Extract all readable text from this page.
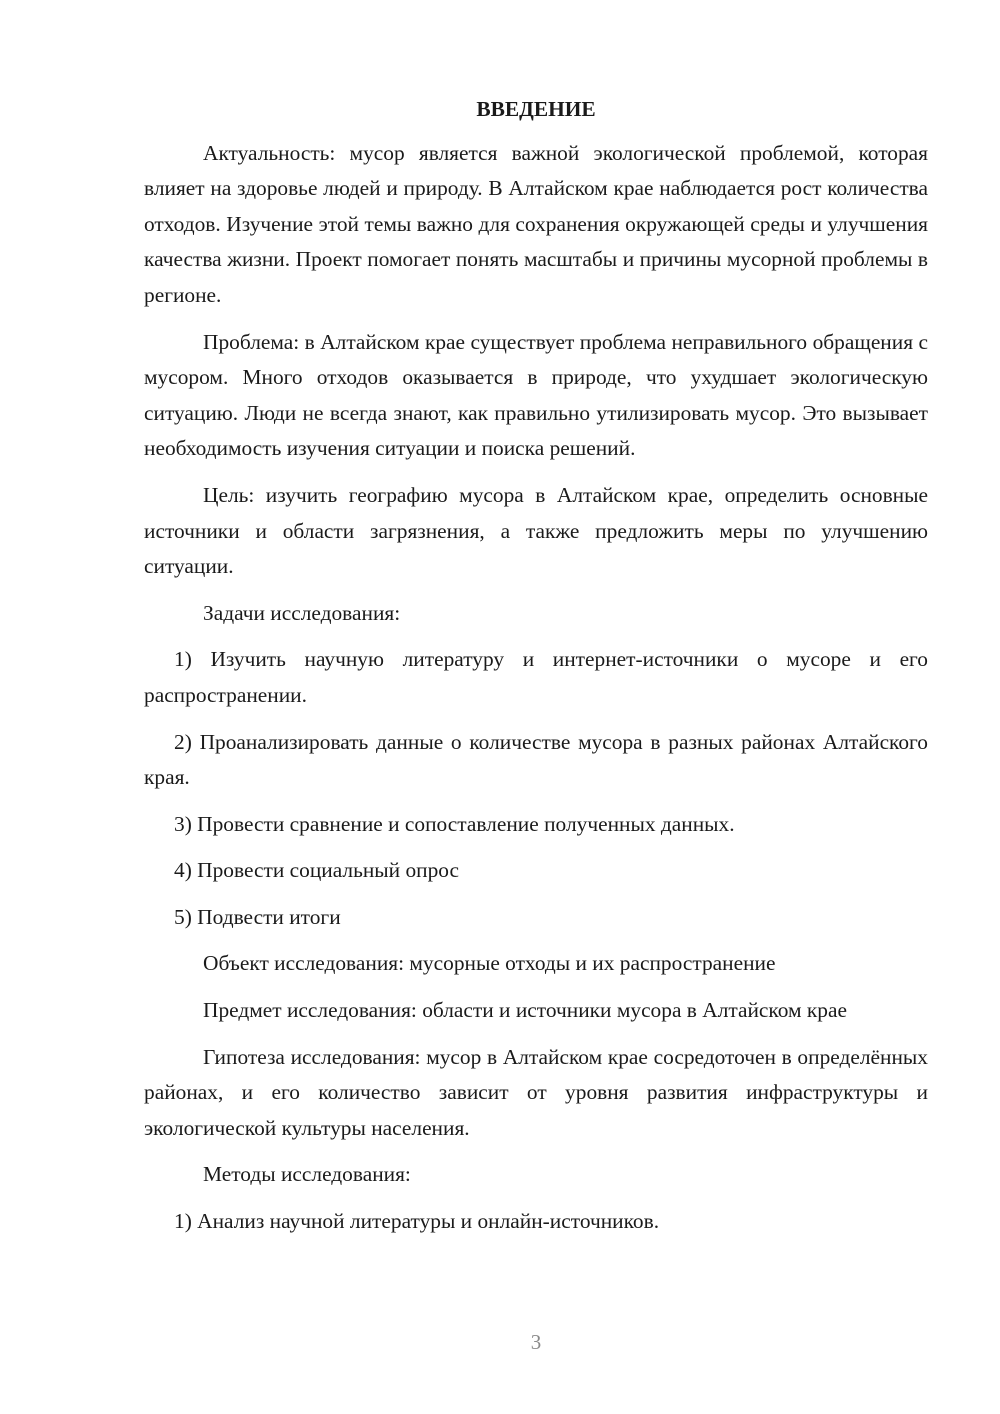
ВВЕДЕНИЕ

Актуальность: мусор является важной экологической проблемой, которая влияет на здоровье людей и природу. В Алтайском крае наблюдается рост количества отходов. Изучение этой темы важно для сохранения окружающей среды и улучшения качества жизни. Проект помогает понять масштабы и причины мусорной проблемы в регионе.

Проблема: в Алтайском крае существует проблема неправильного обращения с мусором. Много отходов оказывается в природе, что ухудшает экологическую ситуацию. Люди не всегда знают, как правильно утилизировать мусор. Это вызывает необходимость изучения ситуации и поиска решений.

Цель: изучить географию мусора в Алтайском крае, определить основные источники и области загрязнения, а также предложить меры по улучшению ситуации.

Задачи исследования:

1) Изучить научную литературу и интернет-источники о мусоре и его распространении.

2) Проанализировать данные о количестве мусора в разных районах Алтайского края.

3) Провести сравнение и сопоставление полученных данных.

4) Провести социальный опрос

5) Подвести итоги

Объект исследования: мусорные отходы и их распространение

Предмет исследования: области и источники мусора в Алтайском крае

Гипотеза исследования: мусор в Алтайском крае сосредоточен в определённых районах, и его количество зависит от уровня развития инфраструктуры и экологической культуры населения.

Методы исследования:

1) Анализ научной литературы и онлайн-источников.

3
